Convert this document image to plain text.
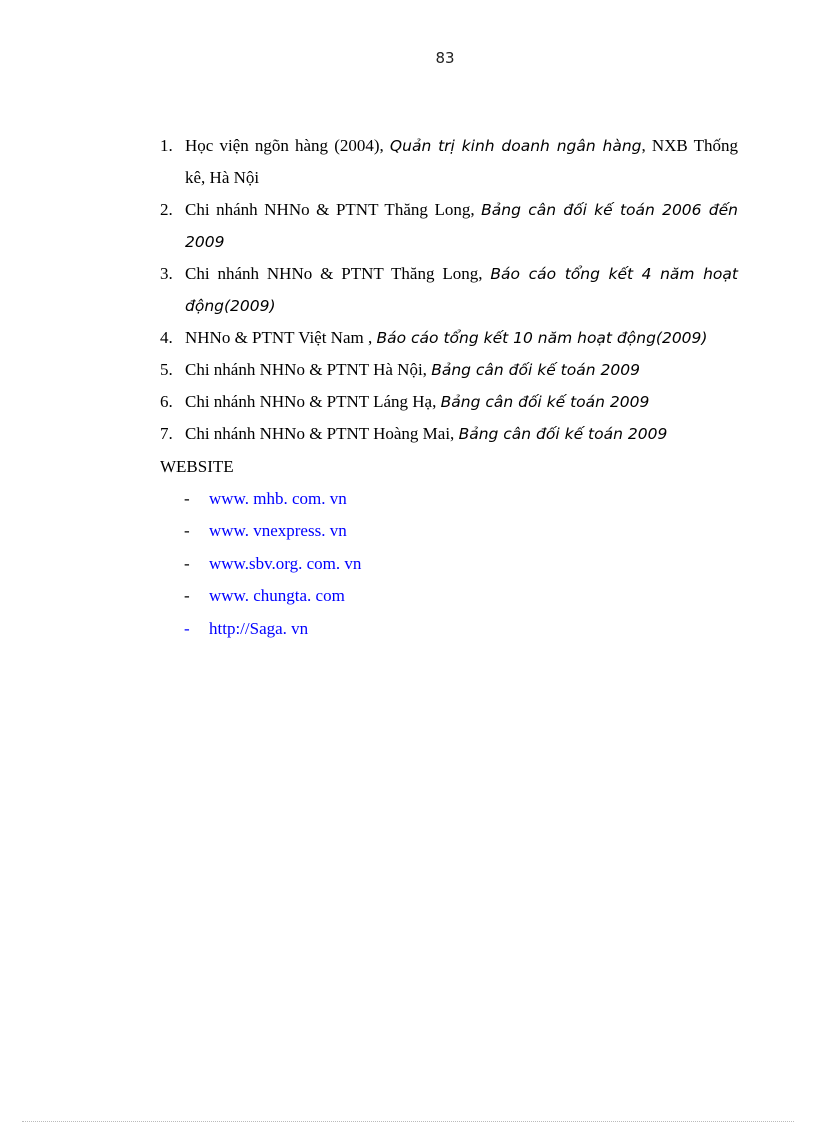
83
1. Học viện ngõn hàng (2004), Quản trị kinh doanh ngân hàng, NXB Thống kê, Hà Nội
2. Chi nhánh NHNo & PTNT Thăng Long, Bảng cân đối kế toán 2006 đến 2009
3. Chi nhánh NHNo & PTNT Thăng Long, Báo cáo tổng kết 4 năm hoạt động(2009)
4. NHNo & PTNT Việt Nam , Báo cáo tổng kết 10 năm hoạt động(2009)
5. Chi nhánh NHNo & PTNT Hà Nội, Bảng cân đối kế toán 2009
6. Chi nhánh NHNo & PTNT Láng Hạ, Bảng cân đối kế toán 2009
7. Chi nhánh NHNo & PTNT Hoàng Mai, Bảng cân đối kế toán 2009
WEBSITE
- www. mhb. com. vn
- www. vnexpress. vn
- www.sbv.org. com. vn
- www. chungta. com
- http://Saga. vn
